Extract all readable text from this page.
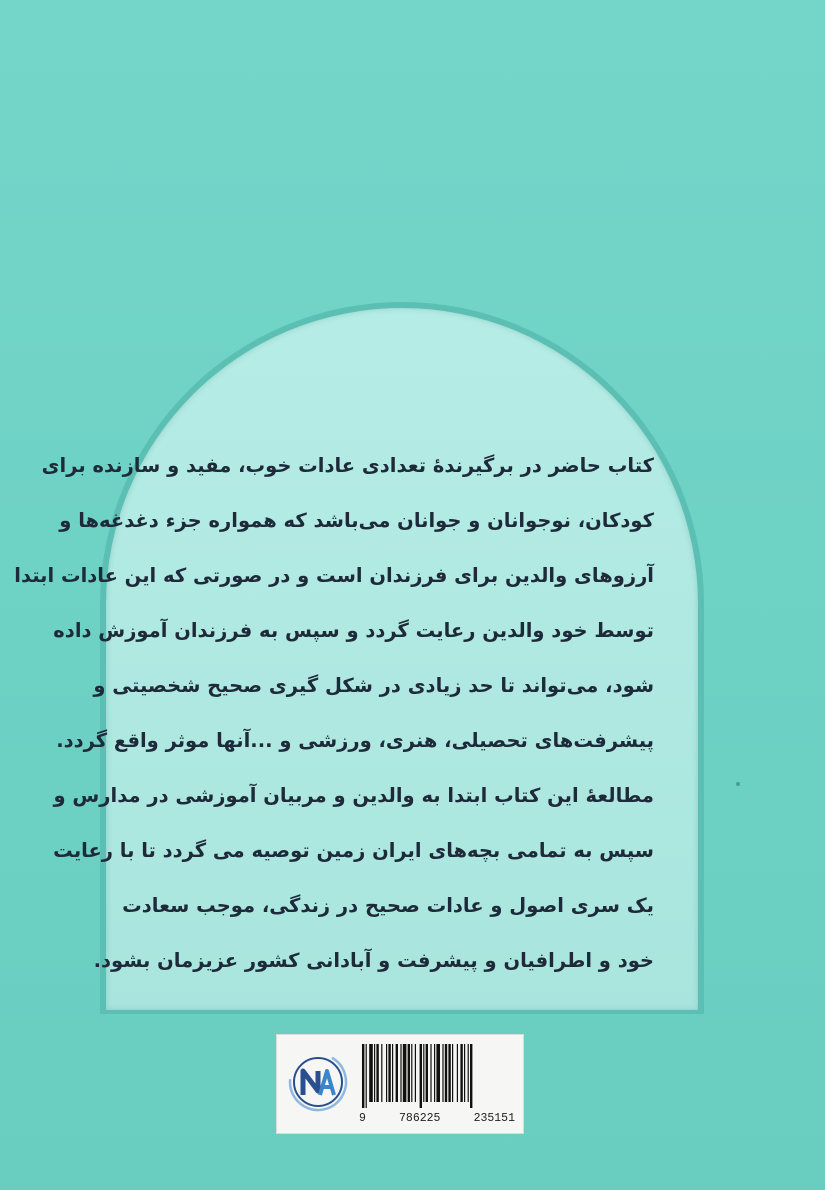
کتاب حاضر در برگیرندهٔ تعدادی عادات خوب، مفید و سازنده برای
کودکان، نوجوانان و جوانان می‌باشد که همواره جزء دغدغه‌ها و
آرزوهای والدین برای فرزندان است و در صورتی که این عادات ابتدا
توسط خود والدین رعایت گردد و سپس به فرزندان آموزش داده
شود، می‌تواند تا حد زیادی در شکل گیری صحیح شخصیتی و
پیشرفت‌های تحصیلی، هنری، ورزشی و ...آنها موثر واقع گردد.
مطالعهٔ این کتاب ابتدا به والدین و مربیان آموزشی در مدارس و
سپس به تمامی بچه‌های ایران زمین توصیه می گردد تا با رعایت
یک سری اصول و عادات صحیح در زندگی، موجب سعادت
خود و اطرافیان و پیشرفت و آبادانی کشور عزیزمان بشود.
9	786225	235151
